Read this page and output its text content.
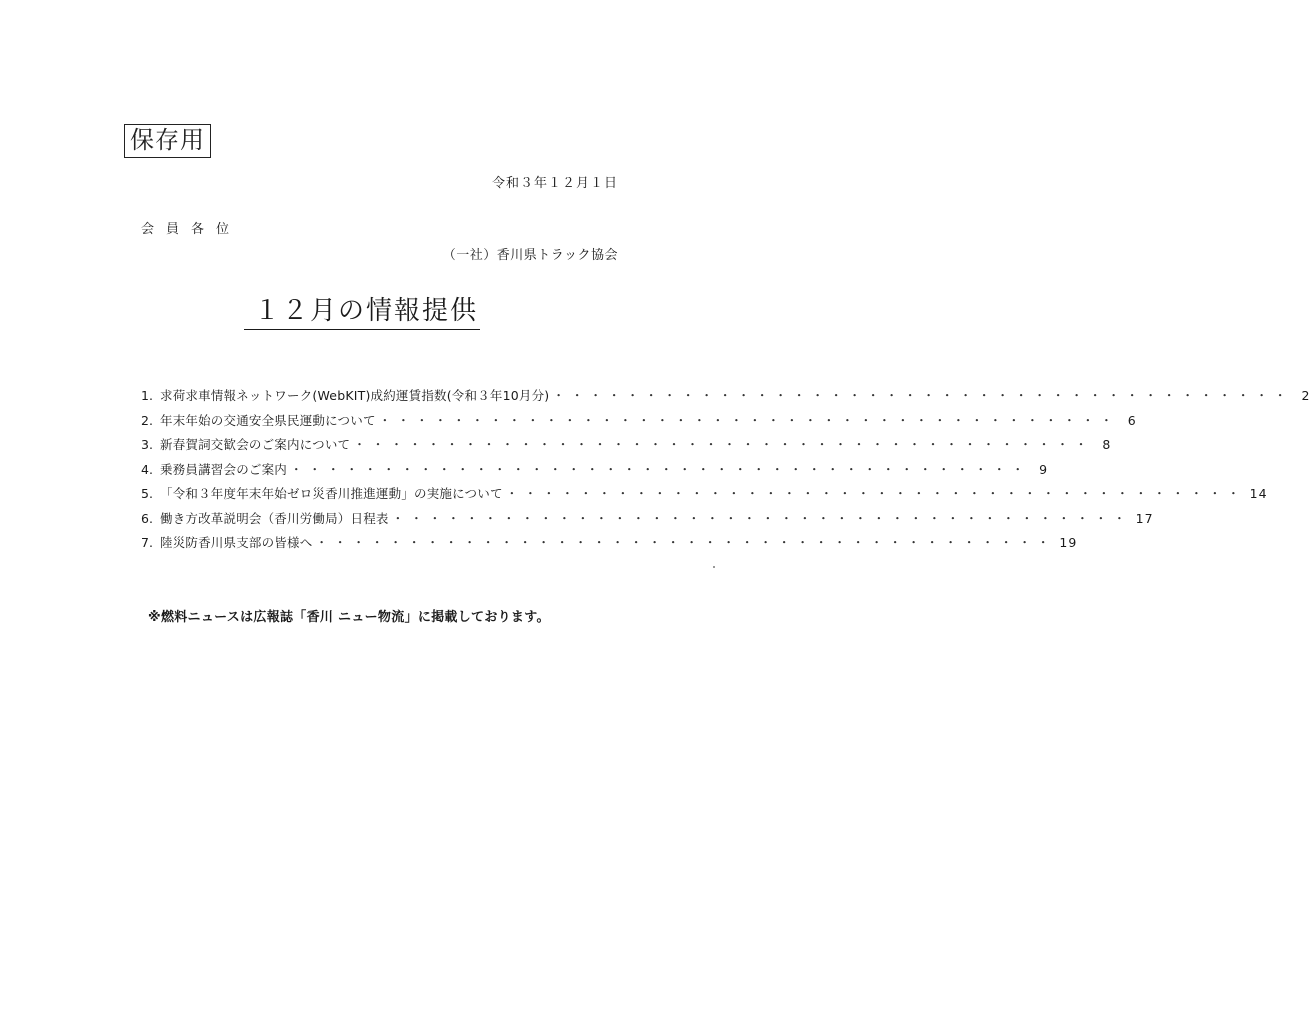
保存用
令和３年１２月１日
会員各位
（一社）香川県トラック協会
１２月の情報提供
1. 求荷求車情報ネットワーク(WebKIT)成約運賃指数(令和３年10月分) ・・・・・・・・・・・・・・・・・・・・・・・・・・・・・・・・・・・・・・・・ 2
2. 年末年始の交通安全県民運動について ・・・・・・・・・・・・・・・・・・・・・・・・・・・・・・・・・・・・・・・・ 6
3. 新春賀詞交歓会のご案内について ・・・・・・・・・・・・・・・・・・・・・・・・・・・・・・・・・・・・・・・・ 8
4. 乗務員講習会のご案内 ・・・・・・・・・・・・・・・・・・・・・・・・・・・・・・・・・・・・・・・・ 9
5. 「令和３年度年末年始ゼロ災香川推進運動」の実施について ・・・・・・・・・・・・・・・・・・・・・・・・・・・・・・・・・・・・・・・・ 14
6. 働き方改革説明会（香川労働局）日程表 ・・・・・・・・・・・・・・・・・・・・・・・・・・・・・・・・・・・・・・・・ 17
7. 陸災防香川県支部の皆様へ ・・・・・・・・・・・・・・・・・・・・・・・・・・・・・・・・・・・・・・・・ 19
※燃料ニュースは広報誌「香川 ニュー物流」に掲載しております。
